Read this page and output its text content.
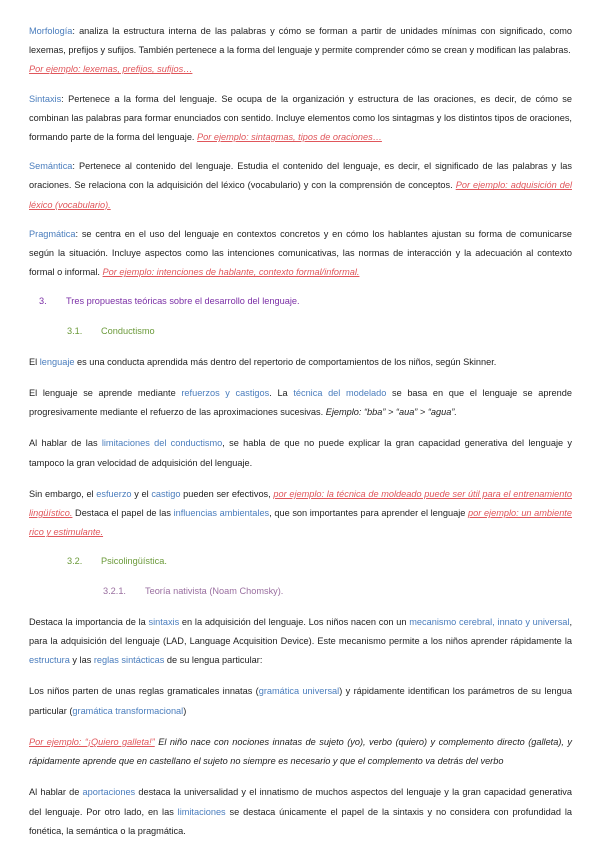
Morfología: analiza la estructura interna de las palabras y cómo se forman a partir de unidades mínimas con significado, como lexemas, prefijos y sufijos. También pertenece a la forma del lenguaje y permite comprender cómo se crean y modifican las palabras.
Por ejemplo: lexemas, prefijos, sufijos…

Sintaxis: Pertenece a la forma del lenguaje. Se ocupa de la organización y estructura de las oraciones, es decir, de cómo se combinan las palabras para formar enunciados con sentido. Incluye elementos como los sintagmas y los distintos tipos de oraciones, formando parte de la forma del lenguaje. Por ejemplo: sintagmas, tipos de oraciones…

Semántica: Pertenece al contenido del lenguaje. Estudia el contenido del lenguaje, es decir, el significado de las palabras y las oraciones. Se relaciona con la adquisición del léxico (vocabulario) y con la comprensión de conceptos. Por ejemplo: adquisición del léxico (vocabulario).

Pragmática: se centra en el uso del lenguaje en contextos concretos y en cómo los hablantes ajustan su forma de comunicarse según la situación. Incluye aspectos como las intenciones comunicativas, las normas de interacción y la adecuación al contexto formal o informal. Por ejemplo: intenciones de hablante, contexto formal/informal.

3.	Tres propuestas teóricas sobre el desarrollo del lenguaje.
3.1.	Conductismo

El lenguaje es una conducta aprendida más dentro del repertorio de comportamientos de los niños, según Skinner.

El lenguaje se aprende mediante refuerzos y castigos. La técnica del modelado se basa en que el lenguaje se aprende progresivamente mediante el refuerzo de las aproximaciones sucesivas. Ejemplo: “bba” > “aua” > “agua”.

Al hablar de las limitaciones del conductismo, se habla de que no puede explicar la gran capacidad generativa del lenguaje y tampoco la gran velocidad de adquisición del lenguaje.

Sin embargo, el esfuerzo y el castigo pueden ser efectivos, por ejemplo: la técnica de moldeado puede ser útil para el entrenamiento lingüístico. Destaca el papel de las influencias ambientales, que son importantes para aprender el lenguaje por ejemplo: un ambiente rico y estimulante.

3.2.	Psicolingüística.
3.2.1.	Teoría nativista (Noam Chomsky).

Destaca la importancia de la sintaxis en la adquisición del lenguaje. Los niños nacen con un mecanismo cerebral, innato y universal, para la adquisición del lenguaje (LAD, Language Acquisition Device). Este mecanismo permite a los niños aprender rápidamente la estructura y las reglas sintácticas de su lengua particular:

Los niños parten de unas reglas gramaticales innatas (gramática universal) y rápidamente identifican los parámetros de su lengua particular (gramática transformacional)

Por ejemplo: “¡Quiero galleta!” El niño nace con nociones innatas de sujeto (yo), verbo (quiero) y complemento directo (galleta), y rápidamente aprende que en castellano el sujeto no siempre es necesario y que el complemento va detrás del verbo

Al hablar de aportaciones destaca la universalidad y el innatismo de muchos aspectos del lenguaje y la gran capacidad generativa del lenguaje. Por otro lado, en las limitaciones se destaca únicamente el papel de la sintaxis y no considera con profundidad la fonética, la semántica o la pragmática.
